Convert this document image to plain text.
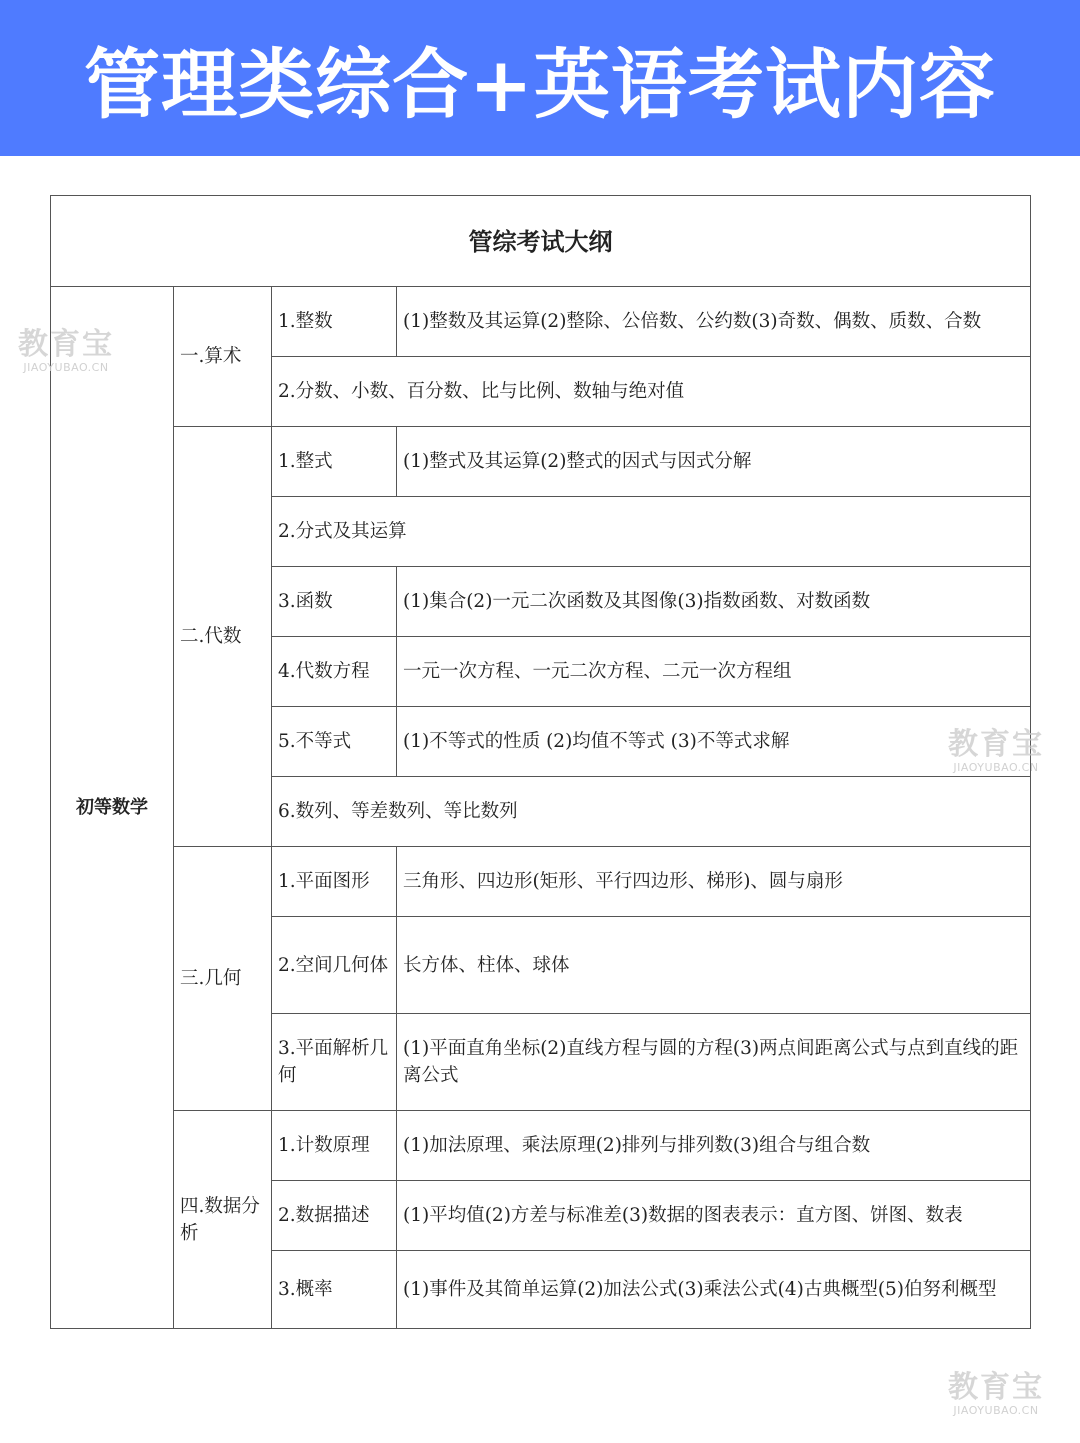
管理类综合+英语考试内容
管综考试大纲			
初等数学	一.算术	1.整数	(1)整数及其运算(2)整除、公倍数、公约数(3)奇数、偶数、质数、合数
		2.分数、小数、百分数、比与比例、数轴与绝对值	
	二.代数	1.整式	(1)整式及其运算(2)整式的因式与因式分解
		2.分式及其运算	
		3.函数	(1)集合(2)一元二次函数及其图像(3)指数函数、对数函数
		4.代数方程	一元一次方程、一元二次方程、二元一次方程组
		5.不等式	(1)不等式的性质 (2)均值不等式 (3)不等式求解
		6.数列、等差数列、等比数列	
	三.几何	1.平面图形	三角形、四边形(矩形、平行四边形、梯形)、圆与扇形
		2.空间几何体	长方体、柱体、球体
		3.平面解析几何	(1)平面直角坐标(2)直线方程与圆的方程(3)两点间距离公式与点到直线的距离公式
	四.数据分析	1.计数原理	(1)加法原理、乘法原理(2)排列与排列数(3)组合与组合数
		2.数据描述	(1)平均值(2)方差与标准差(3)数据的图表表示：直方图、饼图、数表
		3.概率	(1)事件及其简单运算(2)加法公式(3)乘法公式(4)古典概型(5)伯努利概型
教育宝
JIAOYUBAO.CN
教育宝
JIAOYUBAO.CN
教育宝
JIAOYUBAO.CN
